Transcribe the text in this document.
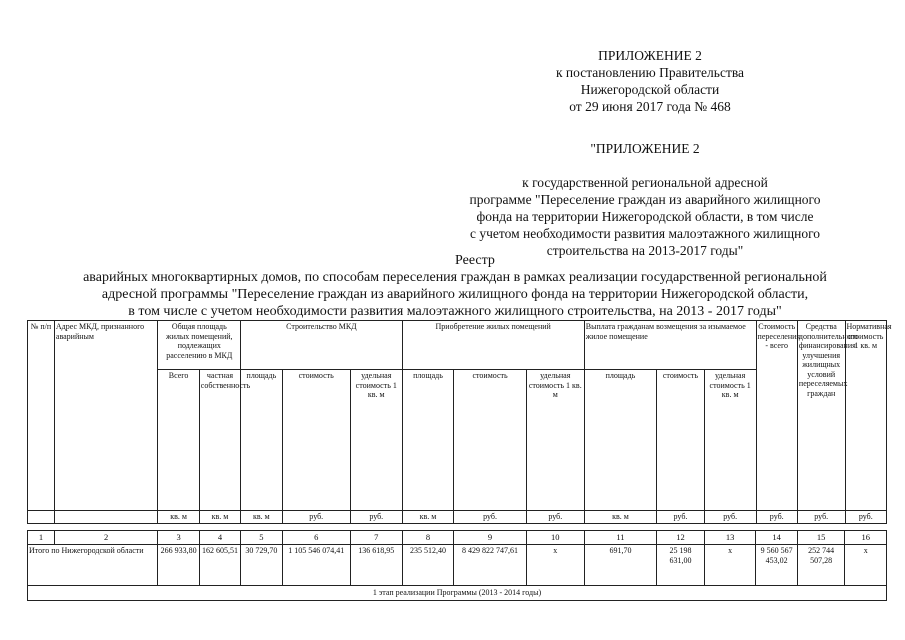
ПРИЛОЖЕНИЕ 2
к постановлению Правительства
Нижегородской области
от 29 июня 2017 года № 468
"ПРИЛОЖЕНИЕ 2
к государственной региональной адресной
программе "Переселение граждан из аварийного жилищного
фонда на территории Нижегородской области, в том числе
с учетом необходимости развития малоэтажного жилищного
строительства на 2013-2017 годы"
Реестр
аварийных многоквартирных домов, по способам переселения граждан в рамках реализации государственной региональной
адресной программы "Переселение граждан из аварийного жилищного фонда на территории Нижегородской области,
в том числе с учетом необходимости развития малоэтажного жилищного строительства, на 2013 - 2017 годы"
№ п/п	Адрес МКД, признанного аварийным	Общая площадь жилых помещений, подлежащих расселению в МКД		Строительство МКД			Приобретение жилых помещений			Выплата гражданам возмещения за изымаемое жилое помещение			Стоимость переселения - всего	Средства дополнительного финансирования улучшения жилищных условий переселяемых граждан	Нормативная стоимость 1 кв. м
		Всего	частная собственность	площадь	стоимость	удельная стоимость 1 кв. м	площадь	стоимость	удельная стоимость 1 кв. м	площадь	стоимость	удельная стоимость 1 кв. м			
		кв. м	кв. м	кв. м	руб.	руб.	кв. м	руб.	руб.	кв. м	руб.	руб.	руб.	руб.	руб.
1	2	3	4	5	6	7	8	9	10	11	12	13	14	15	16
Итого по Нижегородской области		266 933,80	162 605,51	30 729,70	1 105 546 074,41	136 618,95	235 512,40	8 429 822 747,61	x	691,70	25 198 631,00	x	9 560 567 453,02	252 744 507,28	x
1 этап реализации Программы (2013 - 2014 годы)															
